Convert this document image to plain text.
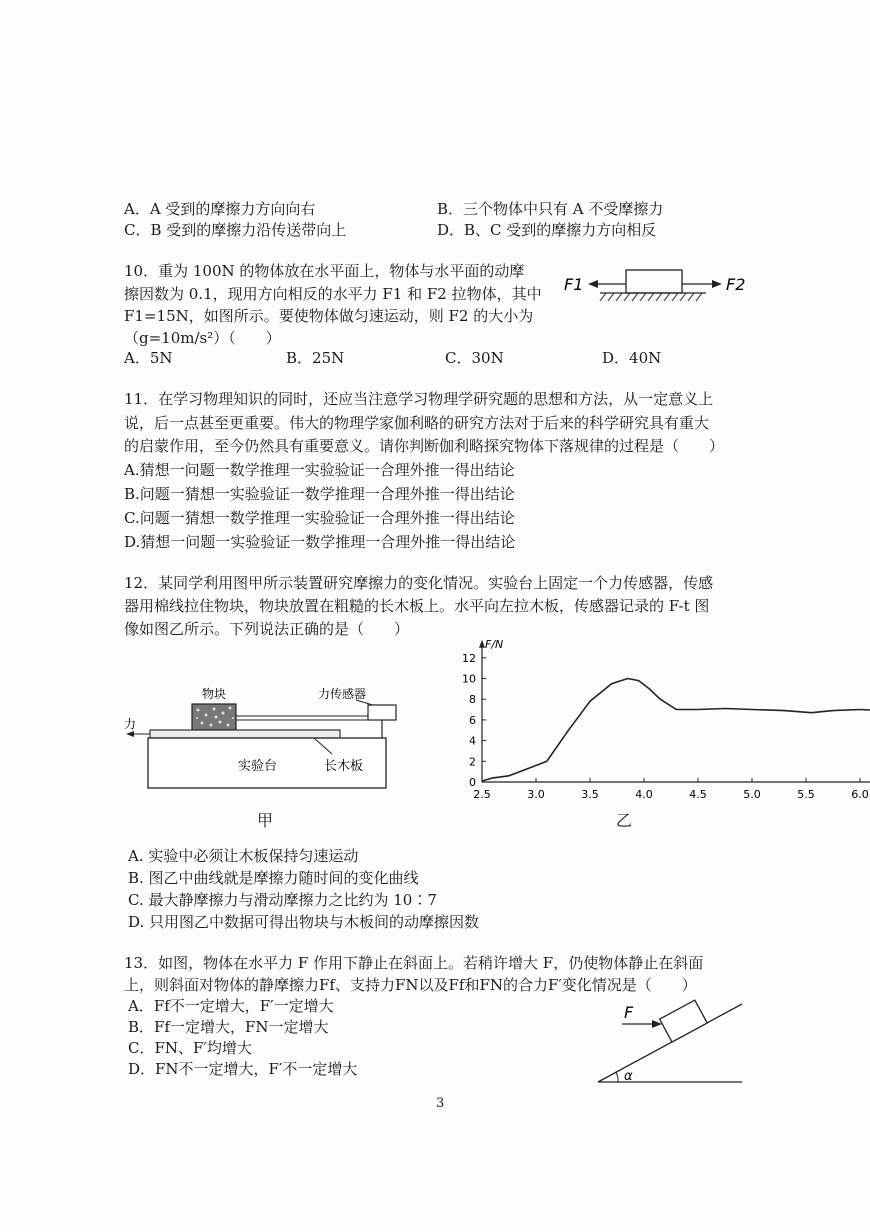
A．A 受到的摩擦力方向向右	B．三个物体中只有 A 不受摩擦力
C．B 受到的摩擦力沿传送带向上	D．B、C 受到的摩擦力方向相反
10．重为 100N 的物体放在水平面上，物体与水平面的动摩
擦因数为 0.1，现用方向相反的水平力 F1 和 F2 拉物体，其中
F1=15N，如图所示。要使物体做匀速运动，则 F2 的大小为
（g=10m/s²）（　　）
A．5N	B．25N	C．30N	D．40N
F1	F2
11．在学习物理知识的同时，还应当注意学习物理学研究题的思想和方法，从一定意义上
说，后一点甚至更重要。伟大的物理学家伽利略的研究方法对于后来的科学研究具有重大
的启蒙作用，至今仍然具有重要意义。请你判断伽利略探究物体下落规律的过程是（　　）
A.猜想一问题一数学推理一实验验证一合理外推一得出结论
B.问题一猜想一实验验证一数学推理一合理外推一得出结论
C.问题一猜想一数学推理一实验验证一合理外推一得出结论
D.猜想一问题一实验验证一数学推理一合理外推一得出结论
12．某同学利用图甲所示装置研究摩擦力的变化情况。实验台上固定一个力传感器，传感
器用棉线拉住物块，物块放置在粗糙的长木板上。水平向左拉木板，传感器记录的 F-t 图
像如图乙所示。下列说法正确的是（　　）
物块	力传感器
力
实验台	长木板
甲
0
2
4
6
8
10
12
2.5	3.0	3.5	4.0	4.5	5.0	5.5	6.0
F/N
乙
A. 实验中必须让木板保持匀速运动
B. 图乙中曲线就是摩擦力随时间的变化曲线
C. 最大静摩擦力与滑动摩擦力之比约为 10∶7
D. 只用图乙中数据可得出物块与木板间的动摩擦因数
13．如图，物体在水平力 F 作用下静止在斜面上。若稍许增大 F，仍使物体静止在斜面
上，则斜面对物体的静摩擦力Ff、支持力FN以及Ff和FN的合力F′变化情况是（　　）
A．Ff不一定增大，F′一定增大
B．Ff一定增大，FN一定增大
C．FN、F′均增大
D．FN不一定增大，F′不一定增大
F
α
3
